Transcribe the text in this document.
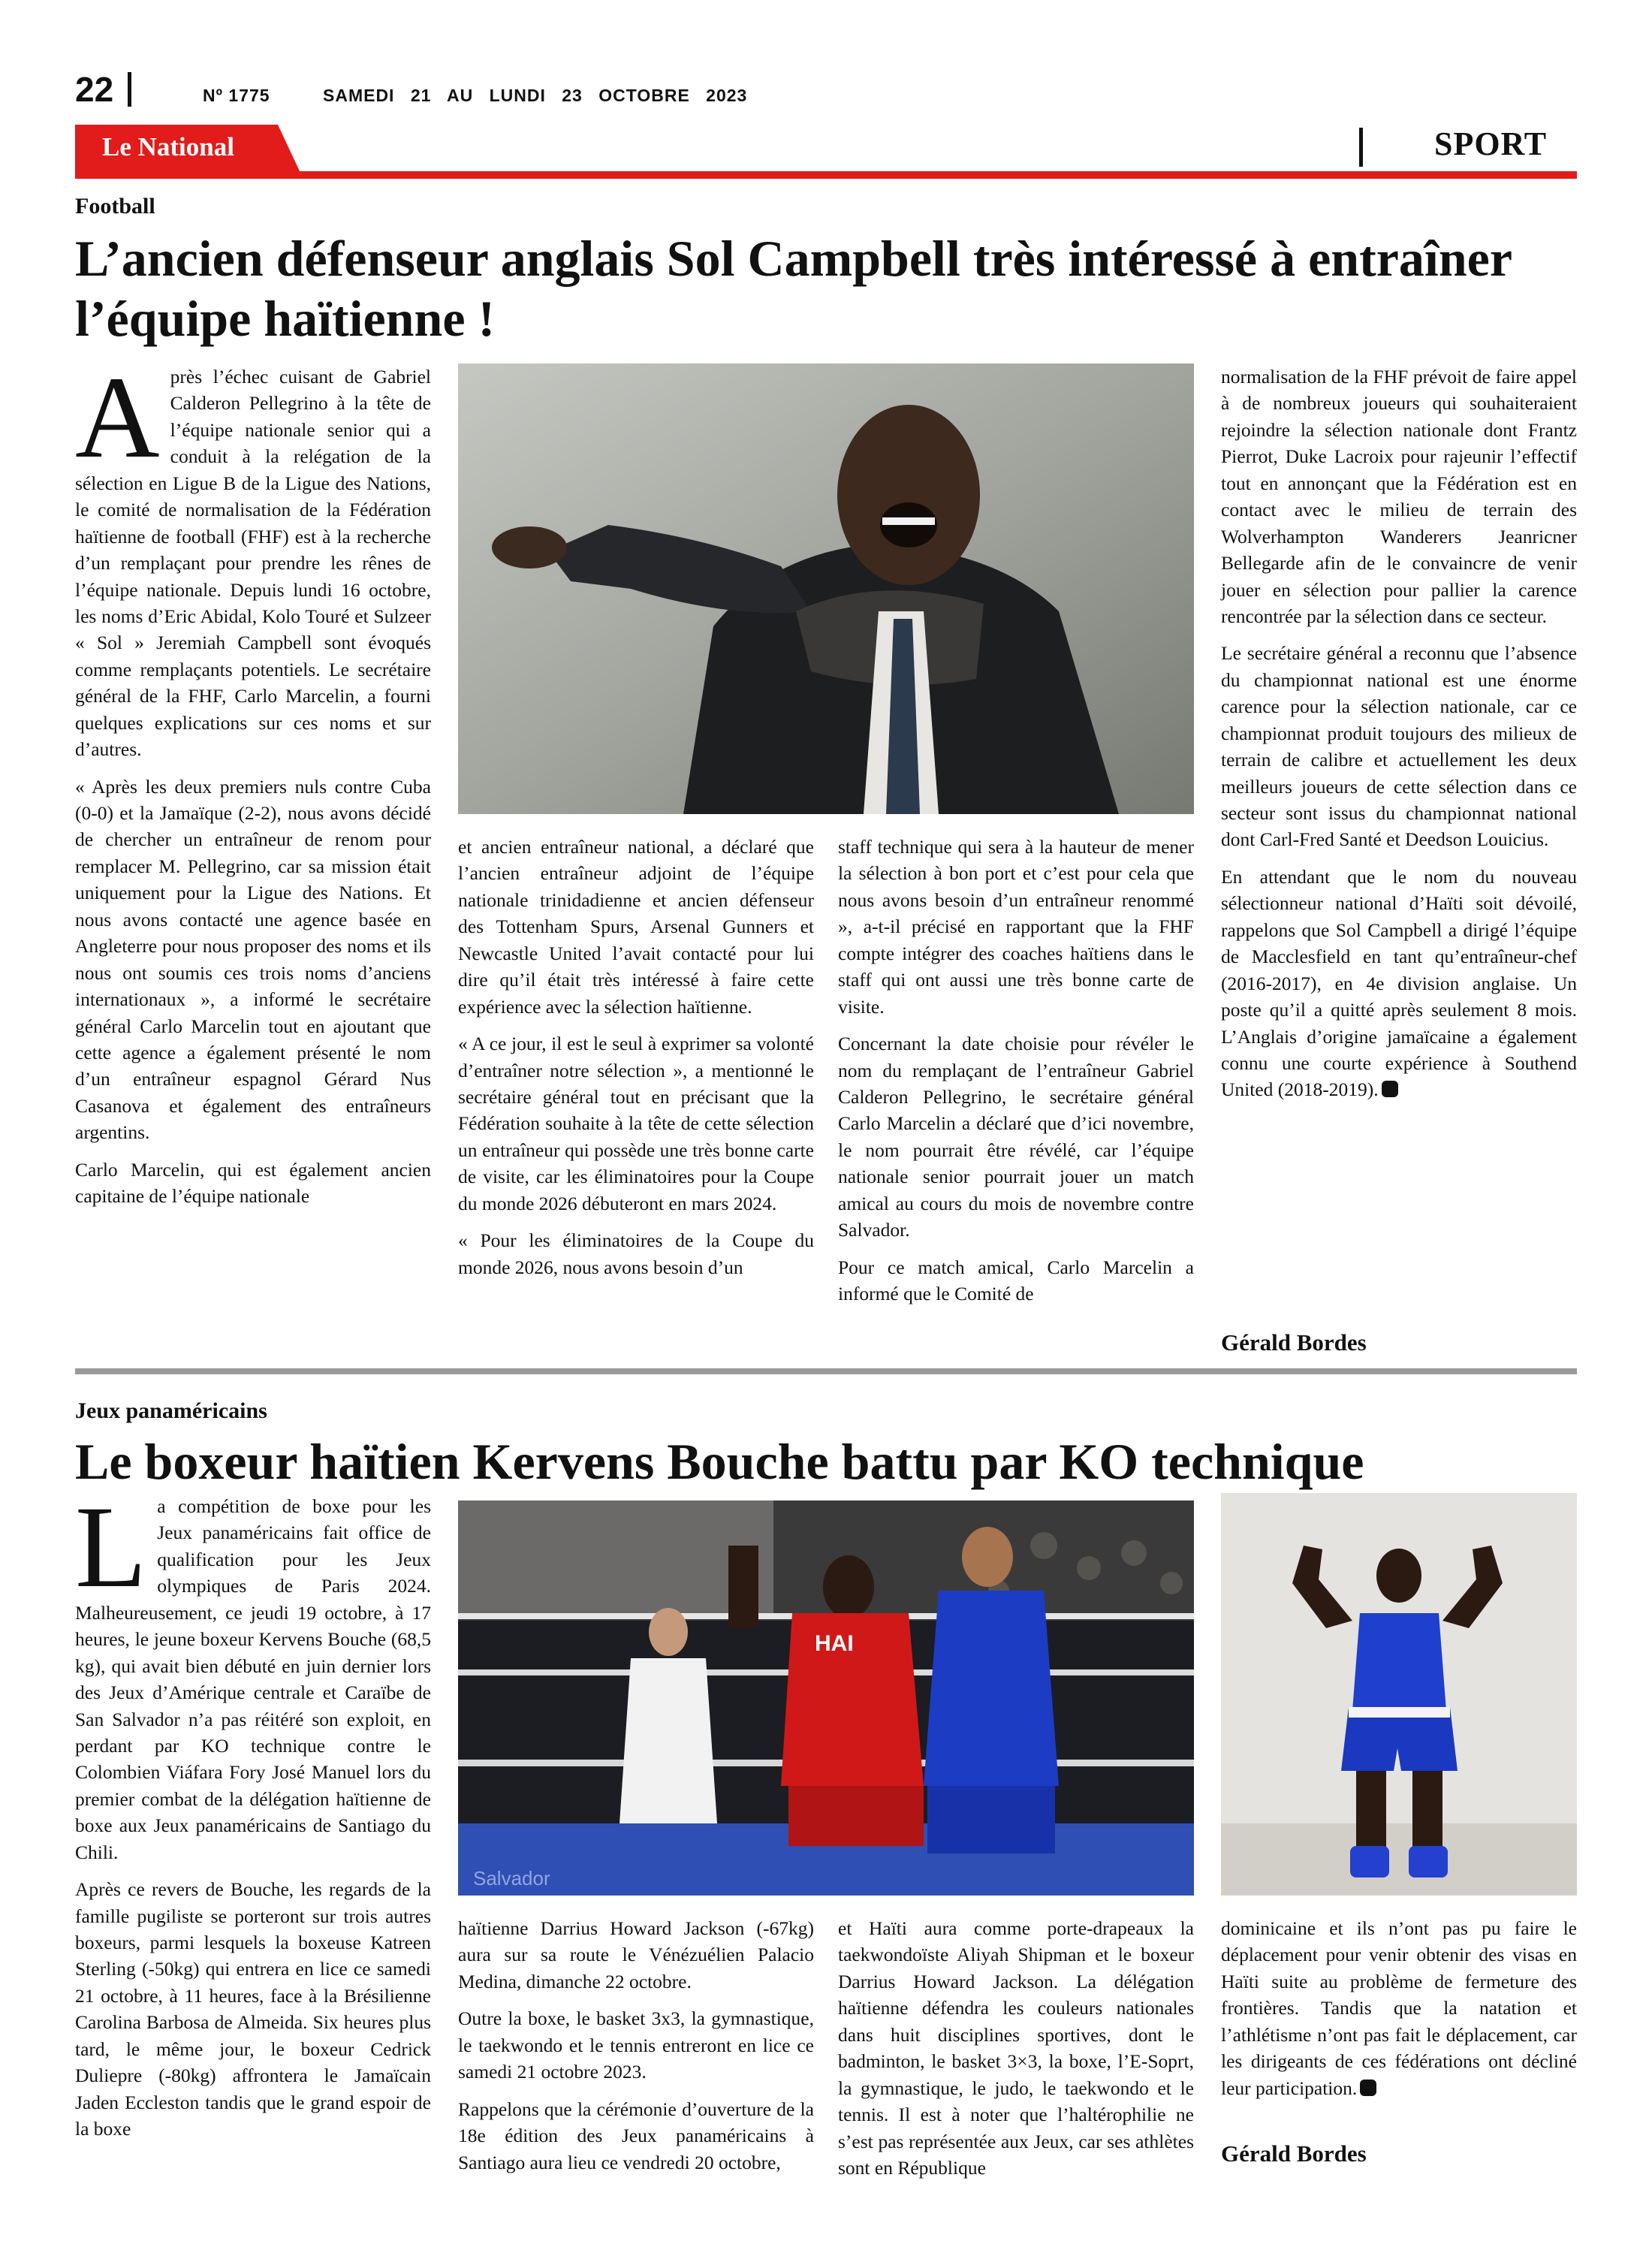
22	Nº 1775	SAMEDI 21 AU LUNDI 23 OCTOBRE 2023
Le National	SPORT
Football
L’ancien défenseur anglais Sol Campbell très intéressé à entraîner l’équipe haïtienne !

Après l’échec cuisant de Gabriel Calderon Pellegrino à la tête de l’équipe nationale senior qui a conduit à la relégation de la sélection en Ligue B de la Ligue des Nations, le comité de normalisation de la Fédération haïtienne de football (FHF) est à la recherche d’un remplaçant pour prendre les rênes de l’équipe nationale. Depuis lundi 16 octobre, les noms d’Eric Abidal, Kolo Touré et Sulzeer « Sol » Jeremiah Campbell sont évoqués comme remplaçants potentiels. Le secrétaire général de la FHF, Carlo Marcelin, a fourni quelques explications sur ces noms et sur d’autres.

« Après les deux premiers nuls contre Cuba (0-0) et la Jamaïque (2-2), nous avons décidé de chercher un entraîneur de renom pour remplacer M. Pellegrino, car sa mission était uniquement pour la Ligue des Nations. Et nous avons contacté une agence basée en Angleterre pour nous proposer des noms et ils nous ont soumis ces trois noms d’anciens internationaux », a informé le secrétaire général Carlo Marcelin tout en ajoutant que cette agence a également présenté le nom d’un entraîneur espagnol Gérard Nus Casanova et également des entraîneurs argentins.

Carlo Marcelin, qui est également ancien capitaine de l’équipe nationale

et ancien entraîneur national, a déclaré que l’ancien entraîneur adjoint de l’équipe nationale trinidadienne et ancien défenseur des Tottenham Spurs, Arsenal Gunners et Newcastle United l’avait contacté pour lui dire qu’il était très intéressé à faire cette expérience avec la sélection haïtienne.

« A ce jour, il est le seul à exprimer sa volonté d’entraîner notre sélection », a mentionné le secrétaire général tout en précisant que la Fédération souhaite à la tête de cette sélection un entraîneur qui possède une très bonne carte de visite, car les éliminatoires pour la Coupe du monde 2026 débuteront en mars 2024.

« Pour les éliminatoires de la Coupe du monde 2026, nous avons besoin d’un

staff technique qui sera à la hauteur de mener la sélection à bon port et c’est pour cela que nous avons besoin d’un entraîneur renommé », a-t-il précisé en rapportant que la FHF compte intégrer des coaches haïtiens dans le staff qui ont aussi une très bonne carte de visite.

Concernant la date choisie pour révéler le nom du remplaçant de l’entraîneur Gabriel Calderon Pellegrino, le secrétaire général Carlo Marcelin a déclaré que d’ici novembre, le nom pourrait être révélé, car l’équipe nationale senior pourrait jouer un match amical au cours du mois de novembre contre Salvador.

Pour ce match amical, Carlo Marcelin a informé que le Comité de

normalisation de la FHF prévoit de faire appel à de nombreux joueurs qui souhaiteraient rejoindre la sélection nationale dont Frantz Pierrot, Duke Lacroix pour rajeunir l’effectif tout en annonçant que la Fédération est en contact avec le milieu de terrain des Wolverhampton Wanderers Jeanricner Bellegarde afin de le convaincre de venir jouer en sélection pour pallier la carence rencontrée par la sélection dans ce secteur.

Le secrétaire général a reconnu que l’absence du championnat national est une énorme carence pour la sélection nationale, car ce championnat produit toujours des milieux de terrain de calibre et actuellement les deux meilleurs joueurs de cette sélection dans ce secteur sont issus du championnat national dont Carl-Fred Santé et Deedson Louicius.

En attendant que le nom du nouveau sélectionneur national d’Haïti soit dévoilé, rappelons que Sol Campbell a dirigé l’équipe de Macclesfield en tant qu’entraîneur-chef (2016-2017), en 4e division anglaise. Un poste qu’il a quitté après seulement 8 mois. L’Anglais d’origine jamaïcaine a également connu une courte expérience à Southend United (2018-2019).

Gérald Bordes
Jeux panaméricains
Le boxeur haïtien Kervens Bouche battu par KO technique

La compétition de boxe pour les Jeux panaméricains fait office de qualification pour les Jeux olympiques de Paris 2024. Malheureusement, ce jeudi 19 octobre, à 17 heures, le jeune boxeur Kervens Bouche (68,5 kg), qui avait bien débuté en juin dernier lors des Jeux d’Amérique centrale et Caraïbe de San Salvador n’a pas réitéré son exploit, en perdant par KO technique contre le Colombien Viáfara Fory José Manuel lors du premier combat de la délégation haïtienne de boxe aux Jeux panaméricains de Santiago du Chili.

Après ce revers de Bouche, les regards de la famille pugiliste se porteront sur trois autres boxeurs, parmi lesquels la boxeuse Katreen Sterling (-50kg) qui entrera en lice ce samedi 21 octobre, à 11 heures, face à la Brésilienne Carolina Barbosa de Almeida. Six heures plus tard, le même jour, le boxeur Cedrick Duliepre (-80kg) affrontera le Jamaïcain Jaden Eccleston tandis que le grand espoir de la boxe

HAI
Salvador

haïtienne Darrius Howard Jackson (-67kg) aura sur sa route le Vénézuélien Palacio Medina, dimanche 22 octobre.

Outre la boxe, le basket 3x3, la gymnastique, le taekwondo et le tennis entreront en lice ce samedi 21 octobre 2023.

Rappelons que la cérémonie d’ouverture de la 18e édition des Jeux panaméricains à Santiago aura lieu ce vendredi 20 octobre,

et Haïti aura comme porte-drapeaux la taekwondoïste Aliyah Shipman et le boxeur Darrius Howard Jackson. La délégation haïtienne défendra les couleurs nationales dans huit disciplines sportives, dont le badminton, le basket 3×3, la boxe, l’E-Soprt, la gymnastique, le judo, le taekwondo et le tennis. Il est à noter que l’haltérophilie ne s’est pas représentée aux Jeux, car ses athlètes sont en République

dominicaine et ils n’ont pas pu faire le déplacement pour venir obtenir des visas en Haïti suite au problème de fermeture des frontières. Tandis que la natation et l’athlétisme n’ont pas fait le déplacement, car les dirigeants de ces fédérations ont décliné leur participation.

Gérald Bordes
